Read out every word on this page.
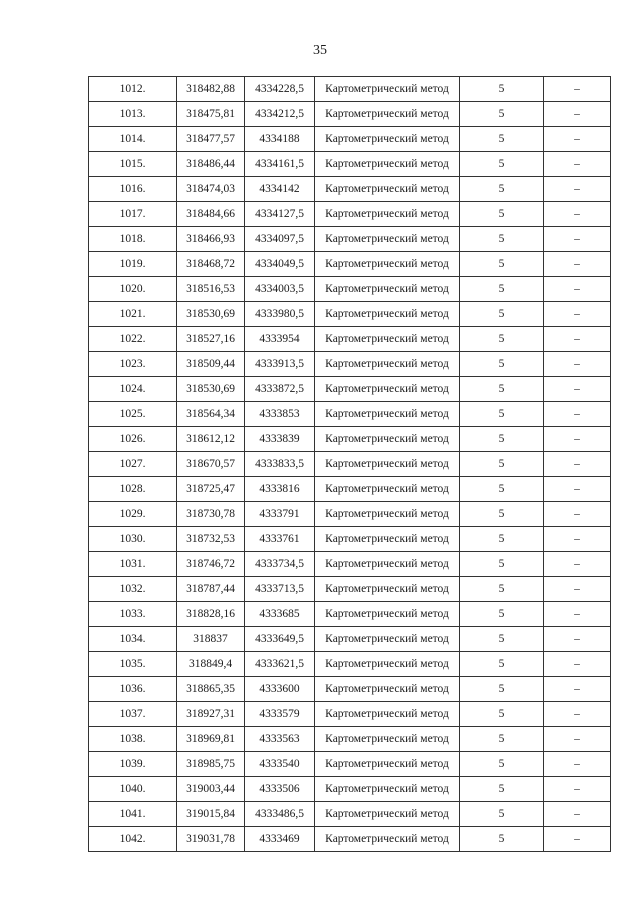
35
1012.	318482,88	4334228,5	Картометрический метод	5	–
1013.	318475,81	4334212,5	Картометрический метод	5	–
1014.	318477,57	4334188	Картометрический метод	5	–
1015.	318486,44	4334161,5	Картометрический метод	5	–
1016.	318474,03	4334142	Картометрический метод	5	–
1017.	318484,66	4334127,5	Картометрический метод	5	–
1018.	318466,93	4334097,5	Картометрический метод	5	–
1019.	318468,72	4334049,5	Картометрический метод	5	–
1020.	318516,53	4334003,5	Картометрический метод	5	–
1021.	318530,69	4333980,5	Картометрический метод	5	–
1022.	318527,16	4333954	Картометрический метод	5	–
1023.	318509,44	4333913,5	Картометрический метод	5	–
1024.	318530,69	4333872,5	Картометрический метод	5	–
1025.	318564,34	4333853	Картометрический метод	5	–
1026.	318612,12	4333839	Картометрический метод	5	–
1027.	318670,57	4333833,5	Картометрический метод	5	–
1028.	318725,47	4333816	Картометрический метод	5	–
1029.	318730,78	4333791	Картометрический метод	5	–
1030.	318732,53	4333761	Картометрический метод	5	–
1031.	318746,72	4333734,5	Картометрический метод	5	–
1032.	318787,44	4333713,5	Картометрический метод	5	–
1033.	318828,16	4333685	Картометрический метод	5	–
1034.	318837	4333649,5	Картометрический метод	5	–
1035.	318849,4	4333621,5	Картометрический метод	5	–
1036.	318865,35	4333600	Картометрический метод	5	–
1037.	318927,31	4333579	Картометрический метод	5	–
1038.	318969,81	4333563	Картометрический метод	5	–
1039.	318985,75	4333540	Картометрический метод	5	–
1040.	319003,44	4333506	Картометрический метод	5	–
1041.	319015,84	4333486,5	Картометрический метод	5	–
1042.	319031,78	4333469	Картометрический метод	5	–
